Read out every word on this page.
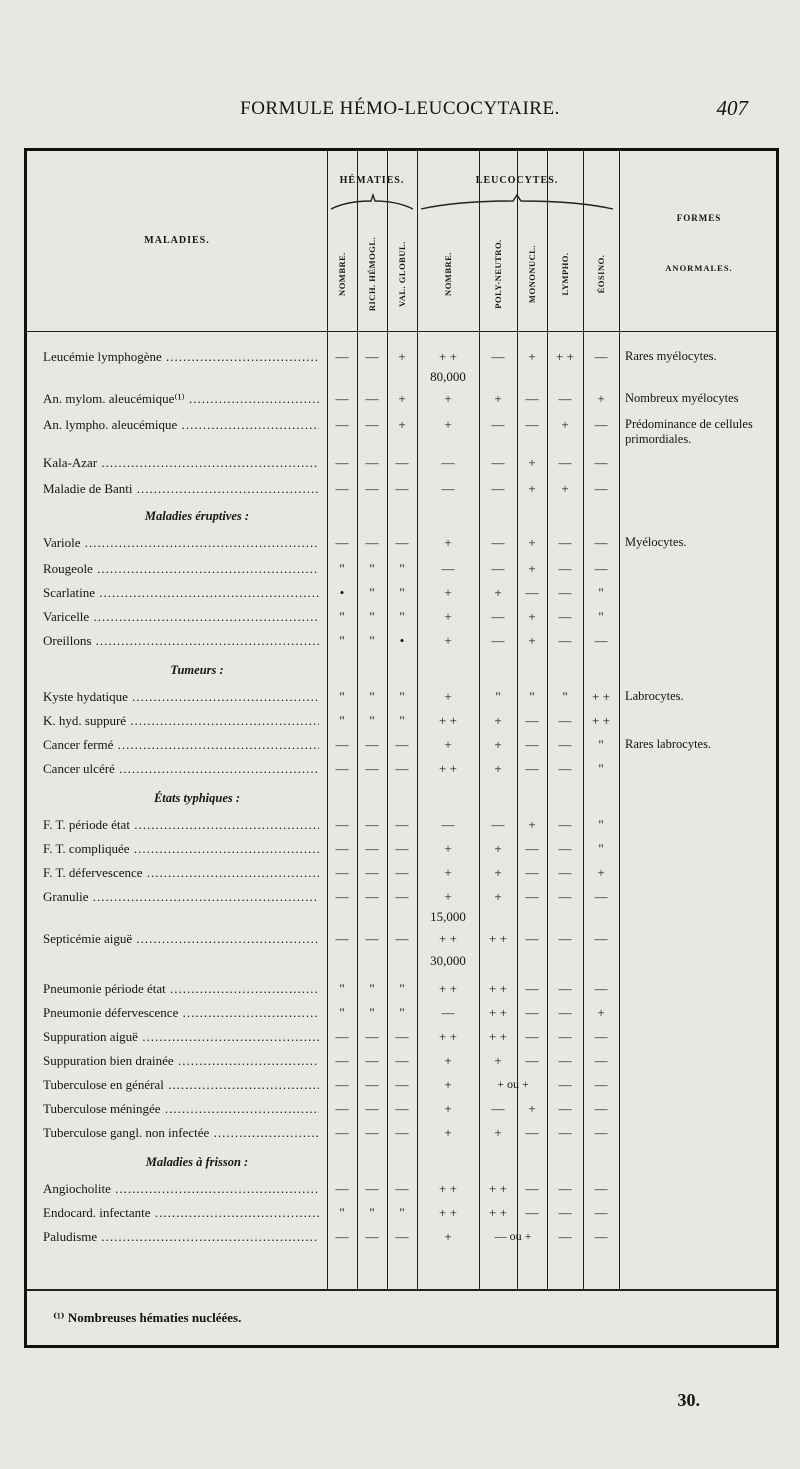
FORMULE HÉMO-LEUCOCYTAIRE.	407
MALADIES.
HÉMATIES.	LEUCOCYTES.
FORMES
ANORMALES.
NOMBRE. RICH. HÉMOGL. VAL. GLOBUL.	NOMBRE.	POLY-NEUTRO.	MONONUCL.	LYMPHO.	ÉOSINO.
Leucémie lymphogène .....	—	—	+	+ +	—	+	+ +	—	Rares myélocytes.
80,000
An. mylom. aleucémique⁽¹⁾ .....	—	—	+	+	+	—	—	+	Nombreux myélocytes
An. lympho. aleucémique .....	—	—	+	+	—	—	+	—	Prédominance de cellules primordiales.
Kala-Azar .....	—	—	—	—	—	+	—	—
Maladie de Banti .....	—	—	—	—	—	+	+	—
Maladies éruptives :
Variole .....	—	—	—	+	—	+	—	—	Myélocytes.
Rougeole .....	"	"	"	—	—	+	—	—
Scarlatine .....	•	"	"	+	+	—	—	"
Varicelle .....	"	"	"	+	—	+	—	"
Oreillons .....	"	"	•	+	—	+	—	—
Tumeurs :
Kyste hydatique .....	"	"	"	+	"	"	"	+ +	Labrocytes.
K. hyd. suppuré .....	"	"	"	+ +	+	—	—	+ +
Cancer fermé .....	—	—	—	+	+	—	—	"	Rares labrocytes.
Cancer ulcéré .....	—	—	—	+ +	+	—	—	"
États typhiques :
F. T. période état .....	—	—	—	—	—	+	—	"
F. T. compliquée .....	—	—	—	+	+	—	—	"
F. T. défervescence .....	—	—	—	+	+	—	—	+
Granulie .....	—	—	—	+	+	—	—	—
15,000
Septicémie aiguë .....	—	—	—	+ +	+ +	—	—	—
30,000
Pneumonie période état .....	"	"	"	+ +	+ +	—	—	—
Pneumonie défervescence .....	"	"	"	—	+ +	—	—	+
Suppuration aiguë .....	—	—	—	+ +	+ +	—	—	—
Suppuration bien drainée .....	—	—	—	+	+	—	—	—
Tuberculose en général .....	—	—	—	+	+ ou +	—	—
Tuberculose méningée .....	—	—	—	+	—	+	—	—
Tuberculose gangl. non infectée .....	—	—	—	+	+	—	—	—
Maladies à frisson :
Angiocholite .....	—	—	—	+ +	+ +	—	—	—
Endocard. infectante .....	"	"	"	+ +	+ +	—	—	—
Paludisme .....	—	—	—	+	— ou +	—	—
⁽¹⁾ Nombreuses hématies nucléées.
30.
